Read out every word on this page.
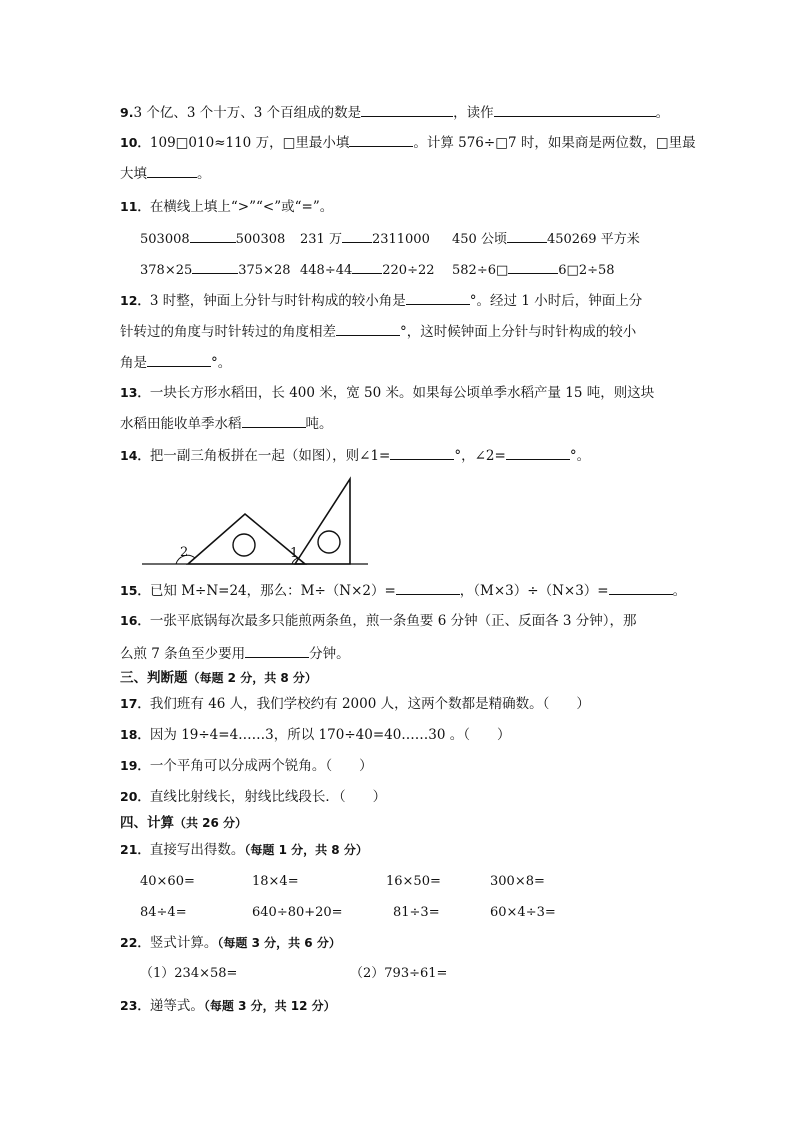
9.3 个亿、3 个十万、3 个百组成的数是	，读作	。
10．109□010≈110 万，□里最小填	。计算 576÷□7 时，如果商是两位数，□里最
大填	。
11．在横线上填上“>”“<”或“=”。
503008	500308 231 万 2311000 450 公顷	450269 平方米
378×25	375×28 448÷44 220÷22 582÷6□	6□2÷58
12．3 时整，钟面上分针与时针构成的较小角是	°。经过 1 小时后，钟面上分
针转过的角度与时针转过的角度相差	°，这时候钟面上分针与时针构成的较小
角是	°。
13．一块长方形水稻田，长 400 米，宽 50 米。如果每公顷单季水稻产量 15 吨，则这块
水稻田能收单季水稻	吨。
14．把一副三角板拼在一起（如图），则∠1=	°，∠2=	°。
2	1
15．已知 M÷N=24，那么：M÷（N×2）=	，（M×3）÷（N×3）=	。
16．一张平底锅每次最多只能煎两条鱼，煎一条鱼要 6 分钟（正、反面各 3 分钟），那
么煎 7 条鱼至少要用	分钟。
三、判断题（每题 2 分，共 8 分）
17．我们班有 46 人，我们学校约有 2000 人，这两个数都是精确数。（　　）
18．因为 19÷4=4……3，所以 170÷40=40……30 。（　　）
19．一个平角可以分成两个锐角。（　　）
20．直线比射线长，射线比线段长．（　　）
四、计算（共 26 分）
21．直接写出得数。（每题 1 分，共 8 分）
40×60=	18×4=	16×50=	300×8=
84÷4=	640÷80+20=	81÷3=	60×4÷3=
22．竖式计算。（每题 3 分，共 6 分）
（1）234×58=	（2）793÷61=
23．递等式。（每题 3 分，共 12 分）
